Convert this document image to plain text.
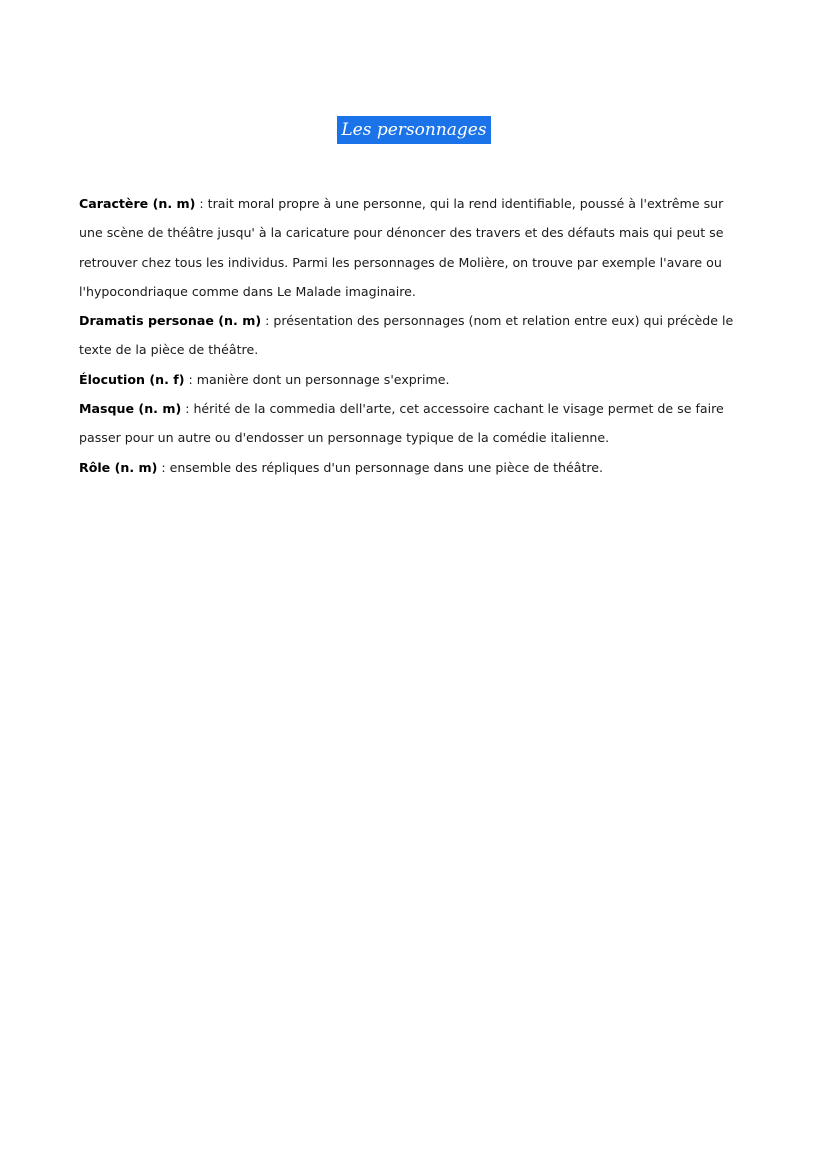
Les personnages

Caractère (n. m) : trait moral propre à une personne, qui la rend identifiable, poussé à l'extrême sur une scène de théâtre jusqu' à la caricature pour dénoncer des travers et des défauts mais qui peut se retrouver chez tous les individus. Parmi les personnages de Molière, on trouve par exemple l'avare ou l'hypocondriaque comme dans Le Malade imaginaire.

Dramatis personae (n. m) : présentation des personnages (nom et relation entre eux) qui précède le texte de la pièce de théâtre.

Élocution (n. f) : manière dont un personnage s'exprime.

Masque (n. m) : hérité de la commedia dell'arte, cet accessoire cachant le visage permet de se faire passer pour un autre ou d'endosser un personnage typique de la comédie italienne.

Rôle (n. m) : ensemble des répliques d'un personnage dans une pièce de théâtre.
